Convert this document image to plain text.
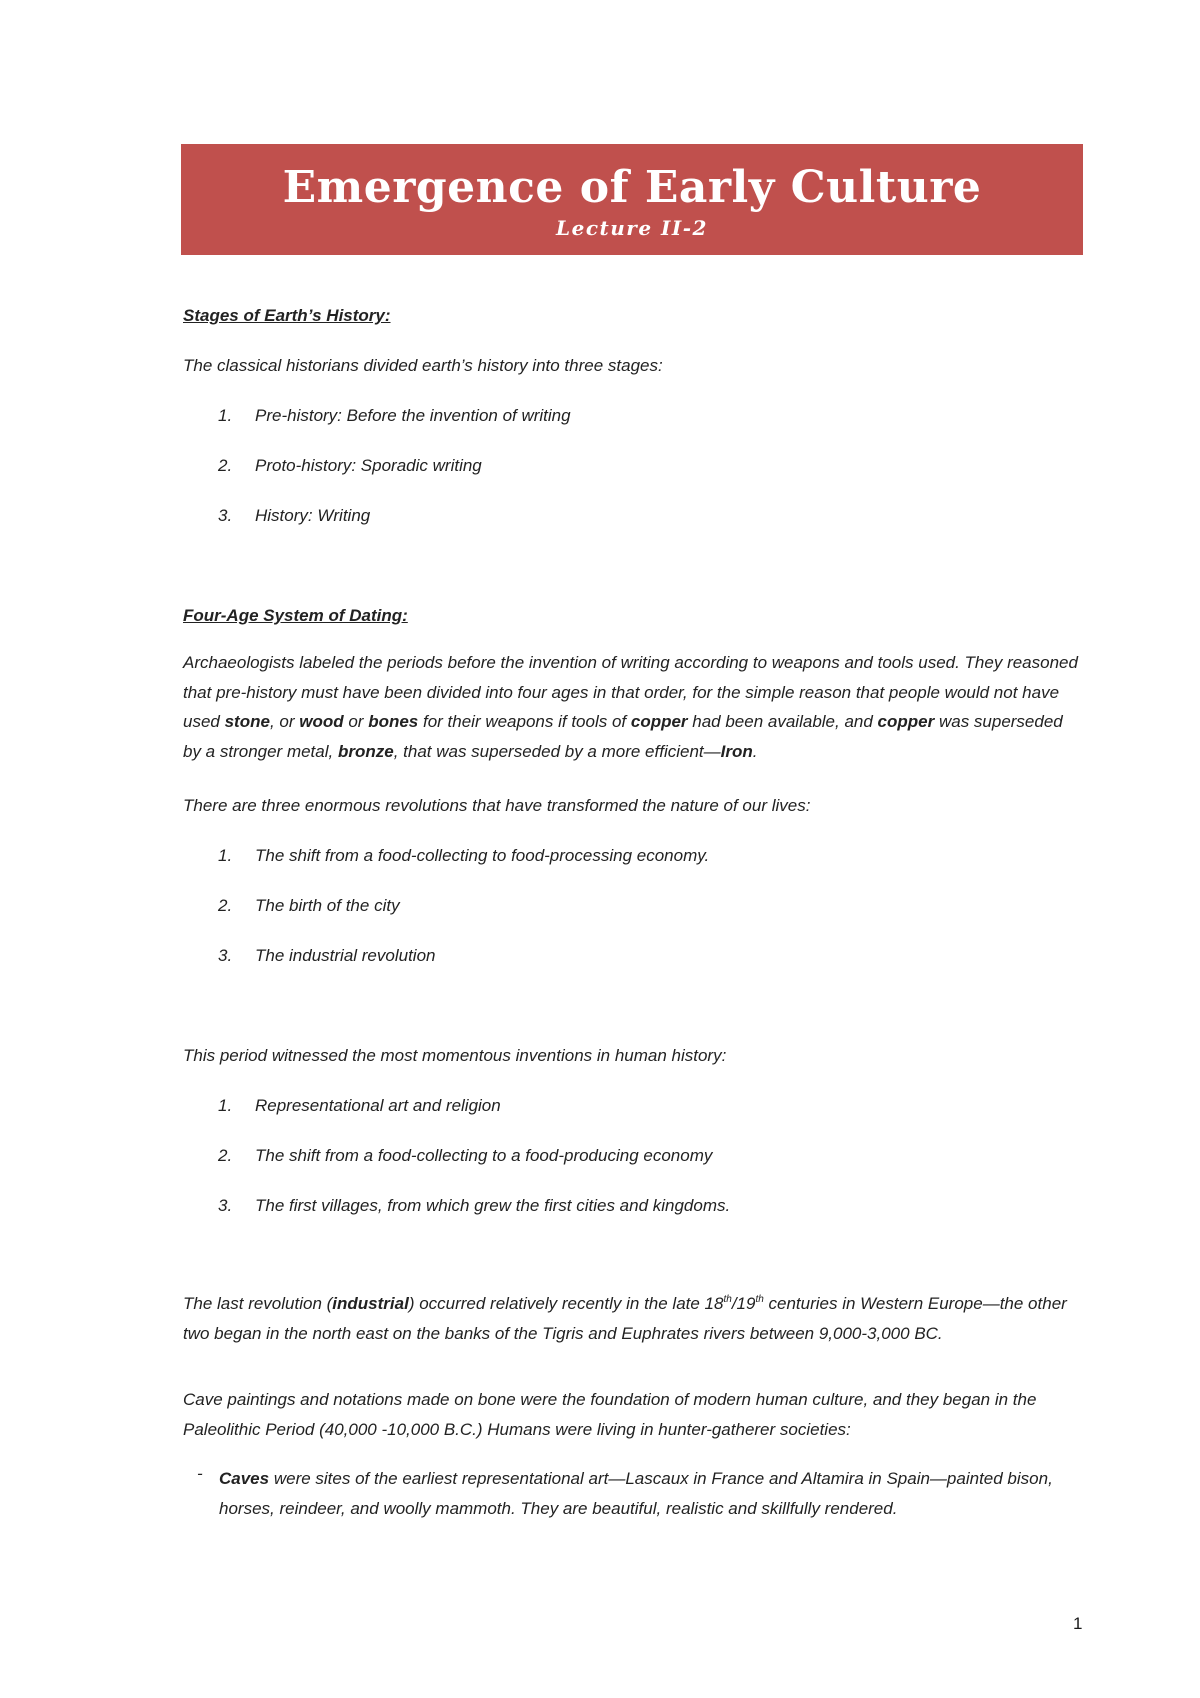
Emergence of Early Culture
Lecture II-2
Stages of Earth’s History:
The classical historians divided earth’s history into three stages:
1. Pre-history: Before the invention of writing
2. Proto-history: Sporadic writing
3. History: Writing
Four-Age System of Dating:
Archaeologists labeled the periods before the invention of writing according to weapons and tools used. They reasoned that pre-history must have been divided into four ages in that order, for the simple reason that people would not have used stone, or wood or bones for their weapons if tools of copper had been available, and copper was superseded by a stronger metal, bronze, that was superseded by a more efficient—Iron.
There are three enormous revolutions that have transformed the nature of our lives:
1. The shift from a food-collecting to food-processing economy.
2. The birth of the city
3. The industrial revolution
This period witnessed the most momentous inventions in human history:
1. Representational art and religion
2. The shift from a food-collecting to a food-producing economy
3. The first villages, from which grew the first cities and kingdoms.
The last revolution (industrial) occurred relatively recently in the late 18th/19th centuries in Western Europe—the other two began in the north east on the banks of the Tigris and Euphrates rivers between 9,000-3,000 BC.
Cave paintings and notations made on bone were the foundation of modern human culture, and they began in the Paleolithic Period (40,000 -10,000 B.C.) Humans were living in hunter-gatherer societies:
- Caves were sites of the earliest representational art—Lascaux in France and Altamira in Spain—painted bison, horses, reindeer, and woolly mammoth. They are beautiful, realistic and skillfully rendered.
1
